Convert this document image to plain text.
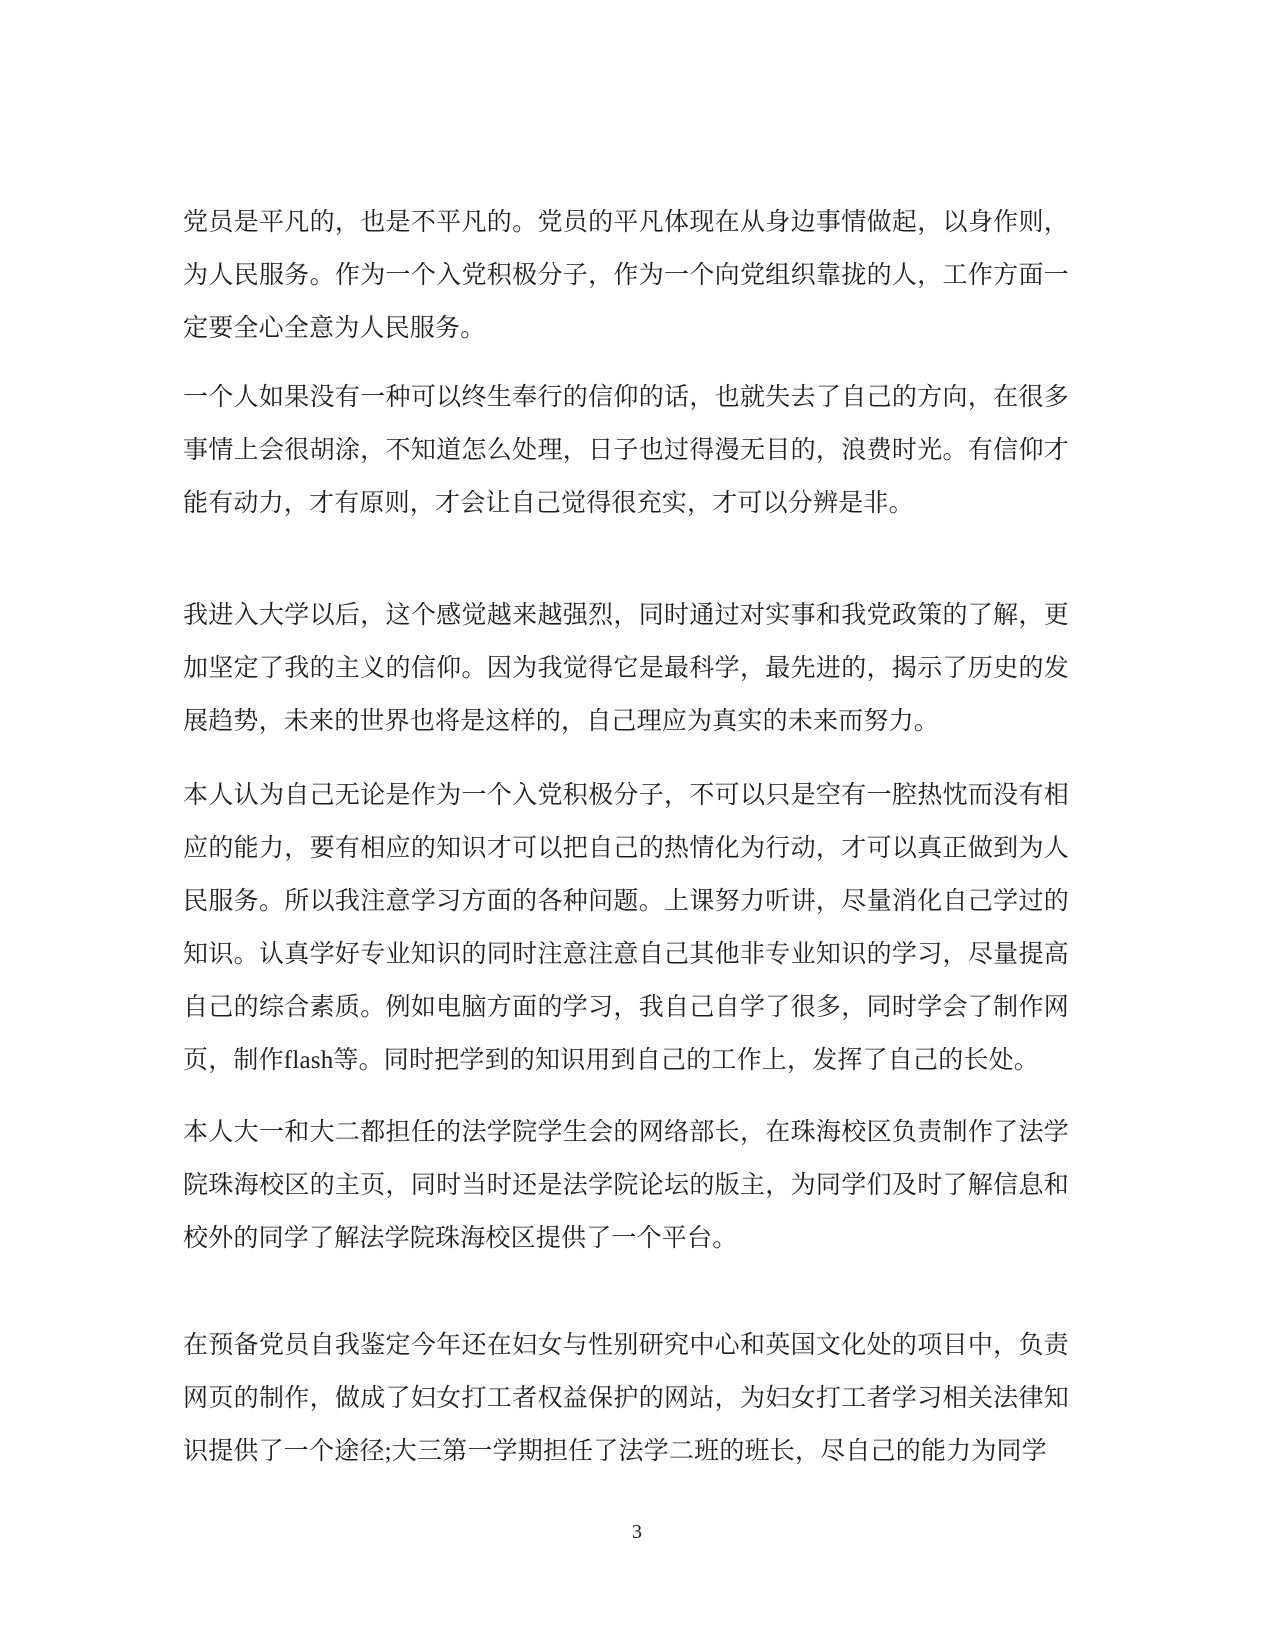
党员是平凡的，也是不平凡的。党员的平凡体现在从身边事情做起，以身作则，为人民服务。作为一个入党积极分子，作为一个向党组织靠拢的人，工作方面一定要全心全意为人民服务。

一个人如果没有一种可以终生奉行的信仰的话，也就失去了自己的方向，在很多事情上会很胡涂，不知道怎么处理，日子也过得漫无目的，浪费时光。有信仰才能有动力，才有原则，才会让自己觉得很充实，才可以分辨是非。

我进入大学以后，这个感觉越来越强烈，同时通过对实事和我党政策的了解，更加坚定了我的主义的信仰。因为我觉得它是最科学，最先进的，揭示了历史的发展趋势，未来的世界也将是这样的，自己理应为真实的未来而努力。

本人认为自己无论是作为一个入党积极分子，不可以只是空有一腔热忱而没有相应的能力，要有相应的知识才可以把自己的热情化为行动，才可以真正做到为人民服务。所以我注意学习方面的各种问题。上课努力听讲，尽量消化自己学过的知识。认真学好专业知识的同时注意注意自己其他非专业知识的学习，尽量提高自己的综合素质。例如电脑方面的学习，我自己自学了很多，同时学会了制作网页，制作flash等。同时把学到的知识用到自己的工作上，发挥了自己的长处。

本人大一和大二都担任的法学院学生会的网络部长，在珠海校区负责制作了法学院珠海校区的主页，同时当时还是法学院论坛的版主，为同学们及时了解信息和校外的同学了解法学院珠海校区提供了一个平台。

在预备党员自我鉴定今年还在妇女与性别研究中心和英国文化处的项目中，负责网页的制作，做成了妇女打工者权益保护的网站，为妇女打工者学习相关法律知识提供了一个途径;大三第一学期担任了法学二班的班长，尽自己的能力为同学

3
